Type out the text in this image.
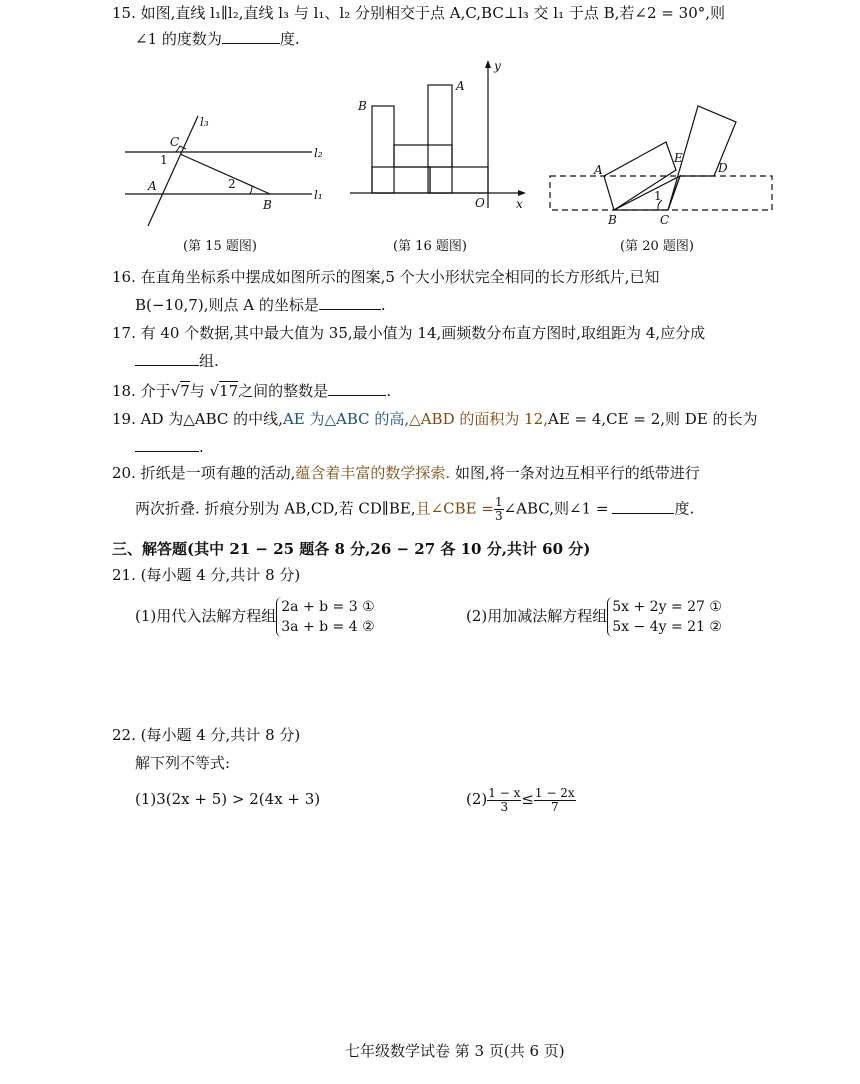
15. 如图,直线 l₁∥l₂,直线 l₃ 与 l₁、l₂ 分别相交于点 A,C,BC⊥l₃ 交 l₁ 于点 B,若∠2 = 30°,则
∠1 的度数为	度.
l₃
l₂
l₁
C
A
B
1
2
(第 15 题图)
B
A
O	x
y
(第 16 题图)
A
B	C
D
E
1
(第 20 题图)
16. 在直角坐标系中摆成如图所示的图案,5 个大小形状完全相同的长方形纸片,已知
B(−10,7),则点 A 的坐标是	.
17. 有 40 个数据,其中最大值为 35,最小值为 14,画频数分布直方图时,取组距为 4,应分成
组.
18. 介于√7与 √17之间的整数是	.
19. AD 为△ABC 的中线,AE 为△ABC 的高,△ABD 的面积为 12,AE = 4,CE = 2,则 DE 的长为
.
20. 折纸是一项有趣的活动,蕴含着丰富的数学探索. 如图,将一条对边互相平行的纸带进行
两次折叠. 折痕分别为 AB,CD,若 CD∥BE,且∠CBE = $\frac{1}{3}$ ∠ABC,则∠1 =	度.
三、解答题(其中 21 − 25 题各 8 分,26 − 27 各 10 分,共计 60 分)
21. (每小题 4 分,共计 8 分)
(1)用代入法解方程组 2a + b = 3 ①
3a + b = 4 ②
(2)用加减法解方程组 5x + 2y = 27 ①
5x − 4y = 21 ②
22. (每小题 4 分,共计 8 分)
解下列不等式:
(1)3(2x + 5) > 2(4x + 3)	$(2) \frac{1 - x}{3} \le \frac{1 - 2x}{7}$
七年级数学试卷 第 3 页(共 6 页)
